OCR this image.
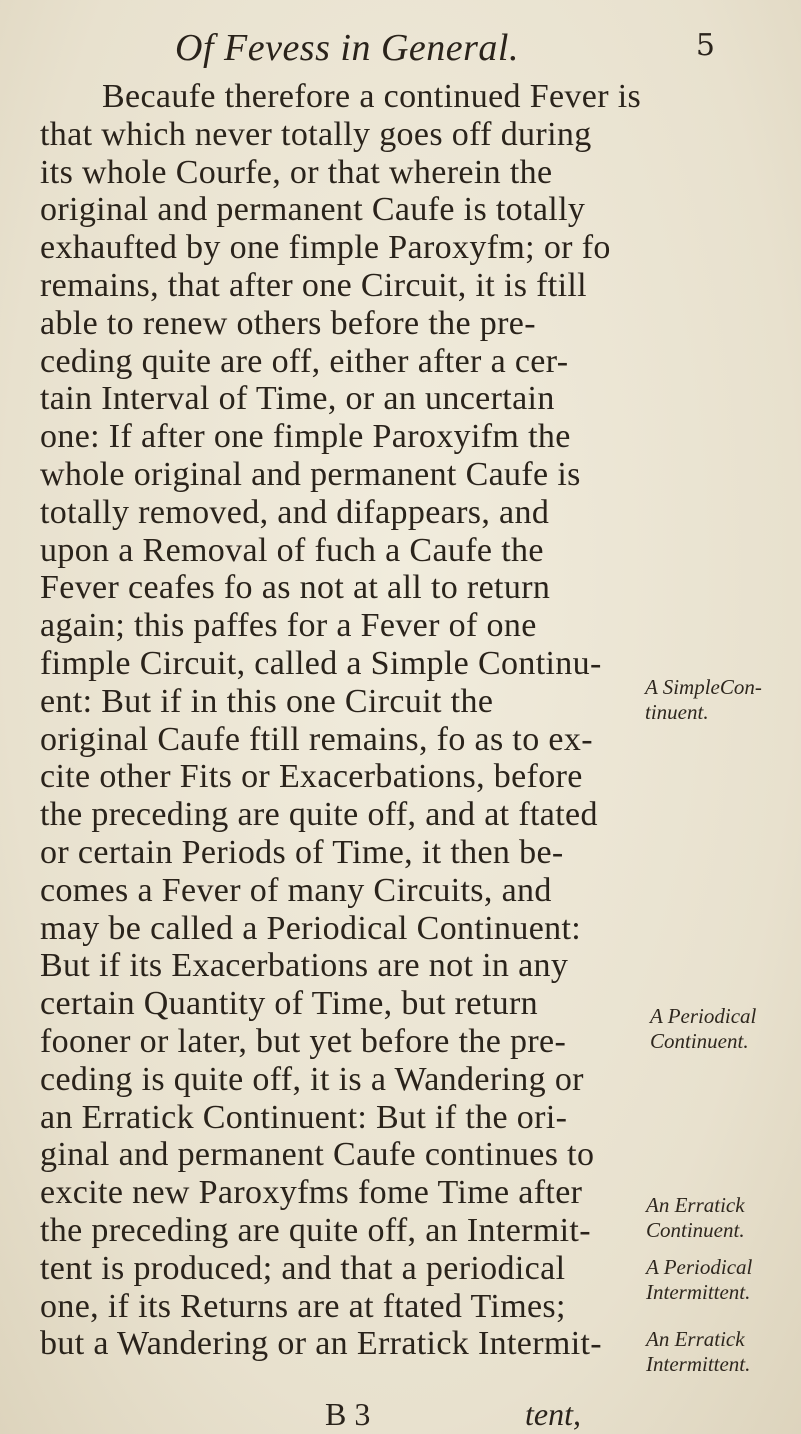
Of Fevess in General.	5
Becaufe therefore a continued Fever is
that which never totally goes off during
its whole Courfe, or that wherein the
original and permanent Caufe is totally
exhaufted by one fimple Paroxyfm; or fo
remains, that after one Circuit, it is ftill
able to renew others before the pre-
ceding quite are off, either after a cer-
tain Interval of Time, or an uncertain
one: If after one fimple Paroxyifm the
whole original and permanent Caufe is
totally removed, and difappears, and
upon a Removal of fuch a Caufe the
Fever ceafes fo as not at all to return
again; this paffes for a Fever of one
fimple Circuit, called a Simple Continu-
ent: But if in this one Circuit the
original Caufe ftill remains, fo as to ex-
cite other Fits or Exacerbations, before
the preceding are quite off, and at ftated
or certain Periods of Time, it then be-
comes a Fever of many Circuits, and
may be called a Periodical Continuent:
But if its Exacerbations are not in any
certain Quantity of Time, but return
fooner or later, but yet before the pre-
ceding is quite off, it is a Wandering or
an Erratick Continuent: But if the ori-
ginal and permanent Caufe continues to
excite new Paroxyfms fome Time after
the preceding are quite off, an Intermit-
tent is produced; and that a periodical
one, if its Returns are at ftated Times;
but a Wandering or an Erratick Intermit-
A SimpleCon-tinuent.
A Periodical Continuent.
An Erratick Continuent.
A Periodical Intermittent.
An Erratick Intermittent.
B 3	tent,
